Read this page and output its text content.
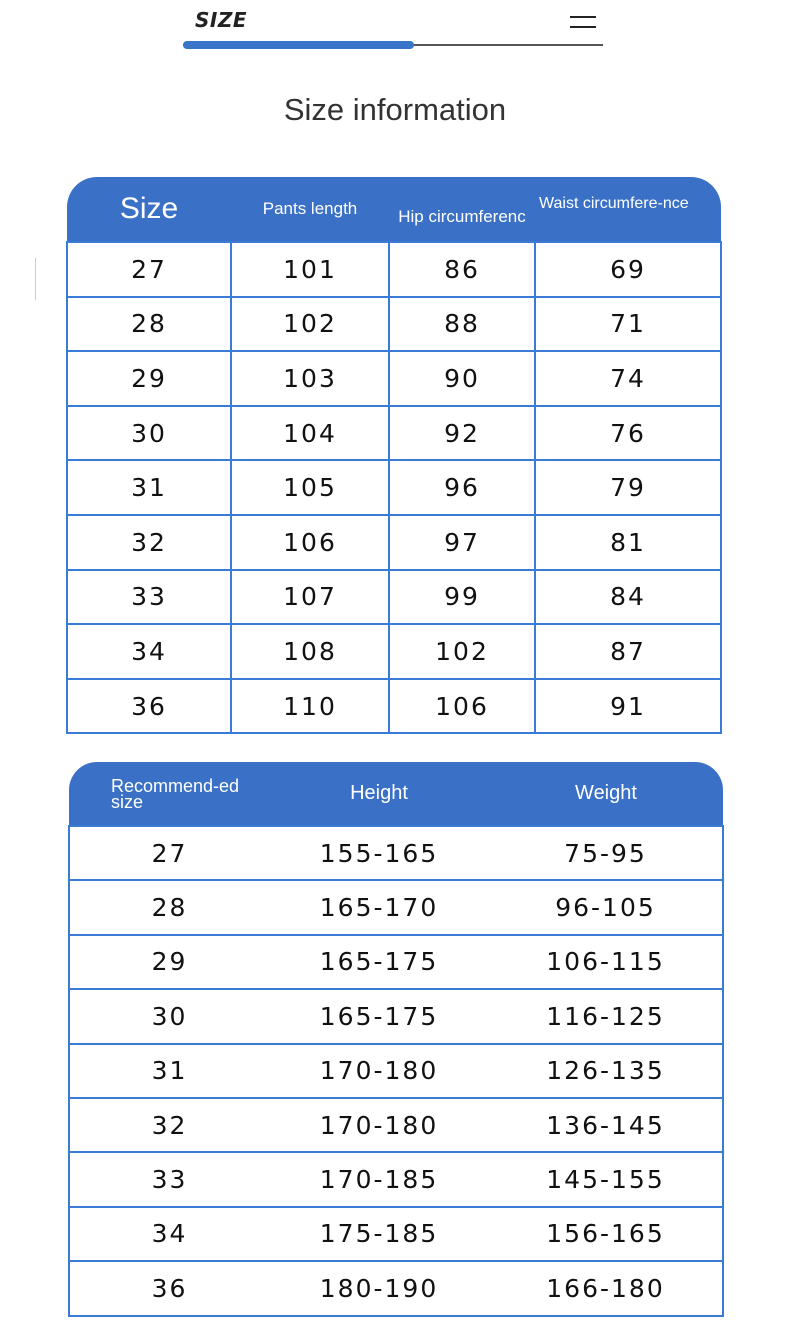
SIZE
Size information
Size	Pants length	Hip circumferenc	Waist circumfere-nce

27	101	86	69
28	102	88	71
29	103	90	74
30	104	92	76
31	105	96	79
32	106	97	81
33	107	99	84
34	108	102	87
36	110	106	91
Recommend-ed size	Height	Weight
27	155-165	75-95
28	165-170	96-105
29	165-175	106-115
30	165-175	116-125
31	170-180	126-135
32	170-180	136-145
33	170-185	145-155
34	175-185	156-165
36	180-190	166-180
